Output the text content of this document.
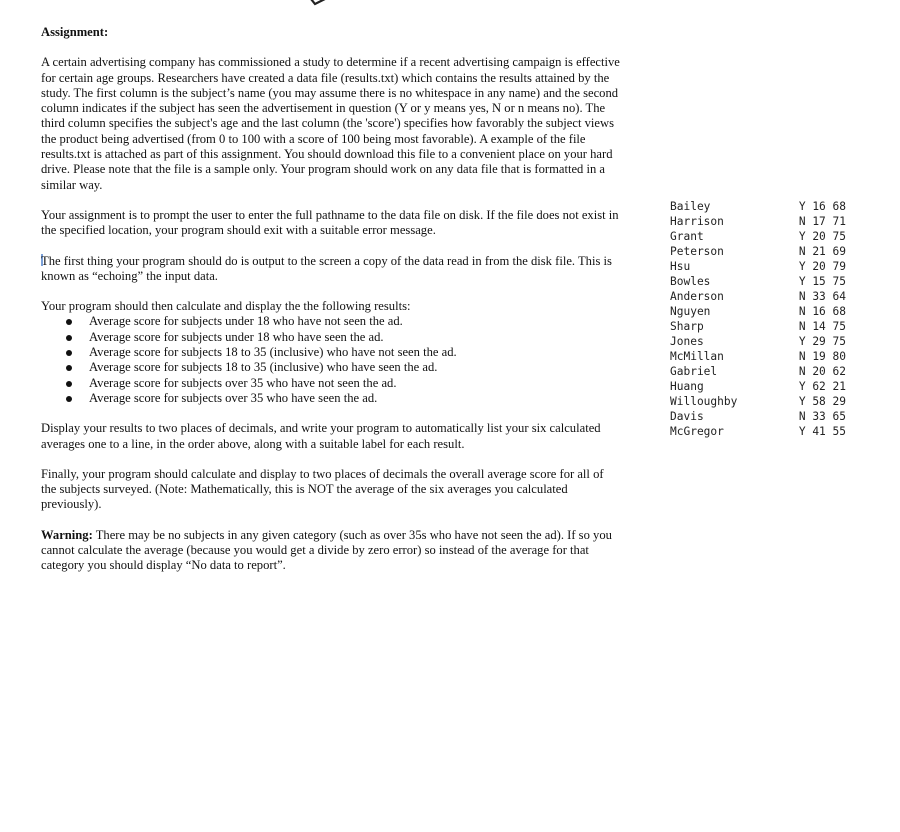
Assignment:

A certain advertising company has commissioned a study to determine if a recent advertising campaign is effective for certain age groups. Researchers have created a data file (results.txt) which contains the results attained by the study. The first column is the subject’s name (you may assume there is no whitespace in any name) and the second column indicates if the subject has seen the advertisement in question (Y or y means yes, N or n means no). The third column specifies the subject's age and the last column (the 'score') specifies how favorably the subject views the product being advertised (from 0 to 100 with a score of 100 being most favorable). A example of the file results.txt is attached as part of this assignment. You should download this file to a convenient place on your hard drive. Please note that the file is a sample only. Your program should work on any data file that is formatted in a similar way.

Your assignment is to prompt the user to enter the full pathname to the data file on disk. If the file does not exist in the specified location, your program should exit with a suitable error message.

The first thing your program should do is output to the screen a copy of the data read in from the disk file. This is known as “echoing” the input data.

Your program should then calculate and display the the following results:

Average score for subjects under 18 who have not seen the ad.
Average score for subjects under 18 who have seen the ad.
Average score for subjects 18 to 35 (inclusive) who have not seen the ad.
Average score for subjects 18 to 35 (inclusive) who have seen the ad.
Average score for subjects over 35 who have not seen the ad.
Average score for subjects over 35 who have seen the ad.

Display your results to two places of decimals, and write your program to automatically list your six calculated averages one to a line, in the order above, along with a suitable label for each result.

Finally, your program should calculate and display to two places of decimals the overall average score for all of the subjects surveyed. (Note: Mathematically, this is NOT the average of the six averages you calculated previously).

Warning: There may be no subjects in any given category (such as over 35s who have not seen the ad). If so you cannot calculate the average (because you would get a divide by zero error) so instead of the average for that category you should display “No data to report”.

Bailey	Y 16 68
Harrison	N 17 71
Grant	Y 20 75
Peterson	N 21 69
Hsu	Y 20 79
Bowles	Y 15 75
Anderson	N 33 64
Nguyen	N 16 68
Sharp	N 14 75
Jones	Y 29 75
McMillan	N 19 80
Gabriel	N 20 62
Huang	Y 62 21
Willoughby	Y 58 29
Davis	N 33 65
McGregor	Y 41 55
